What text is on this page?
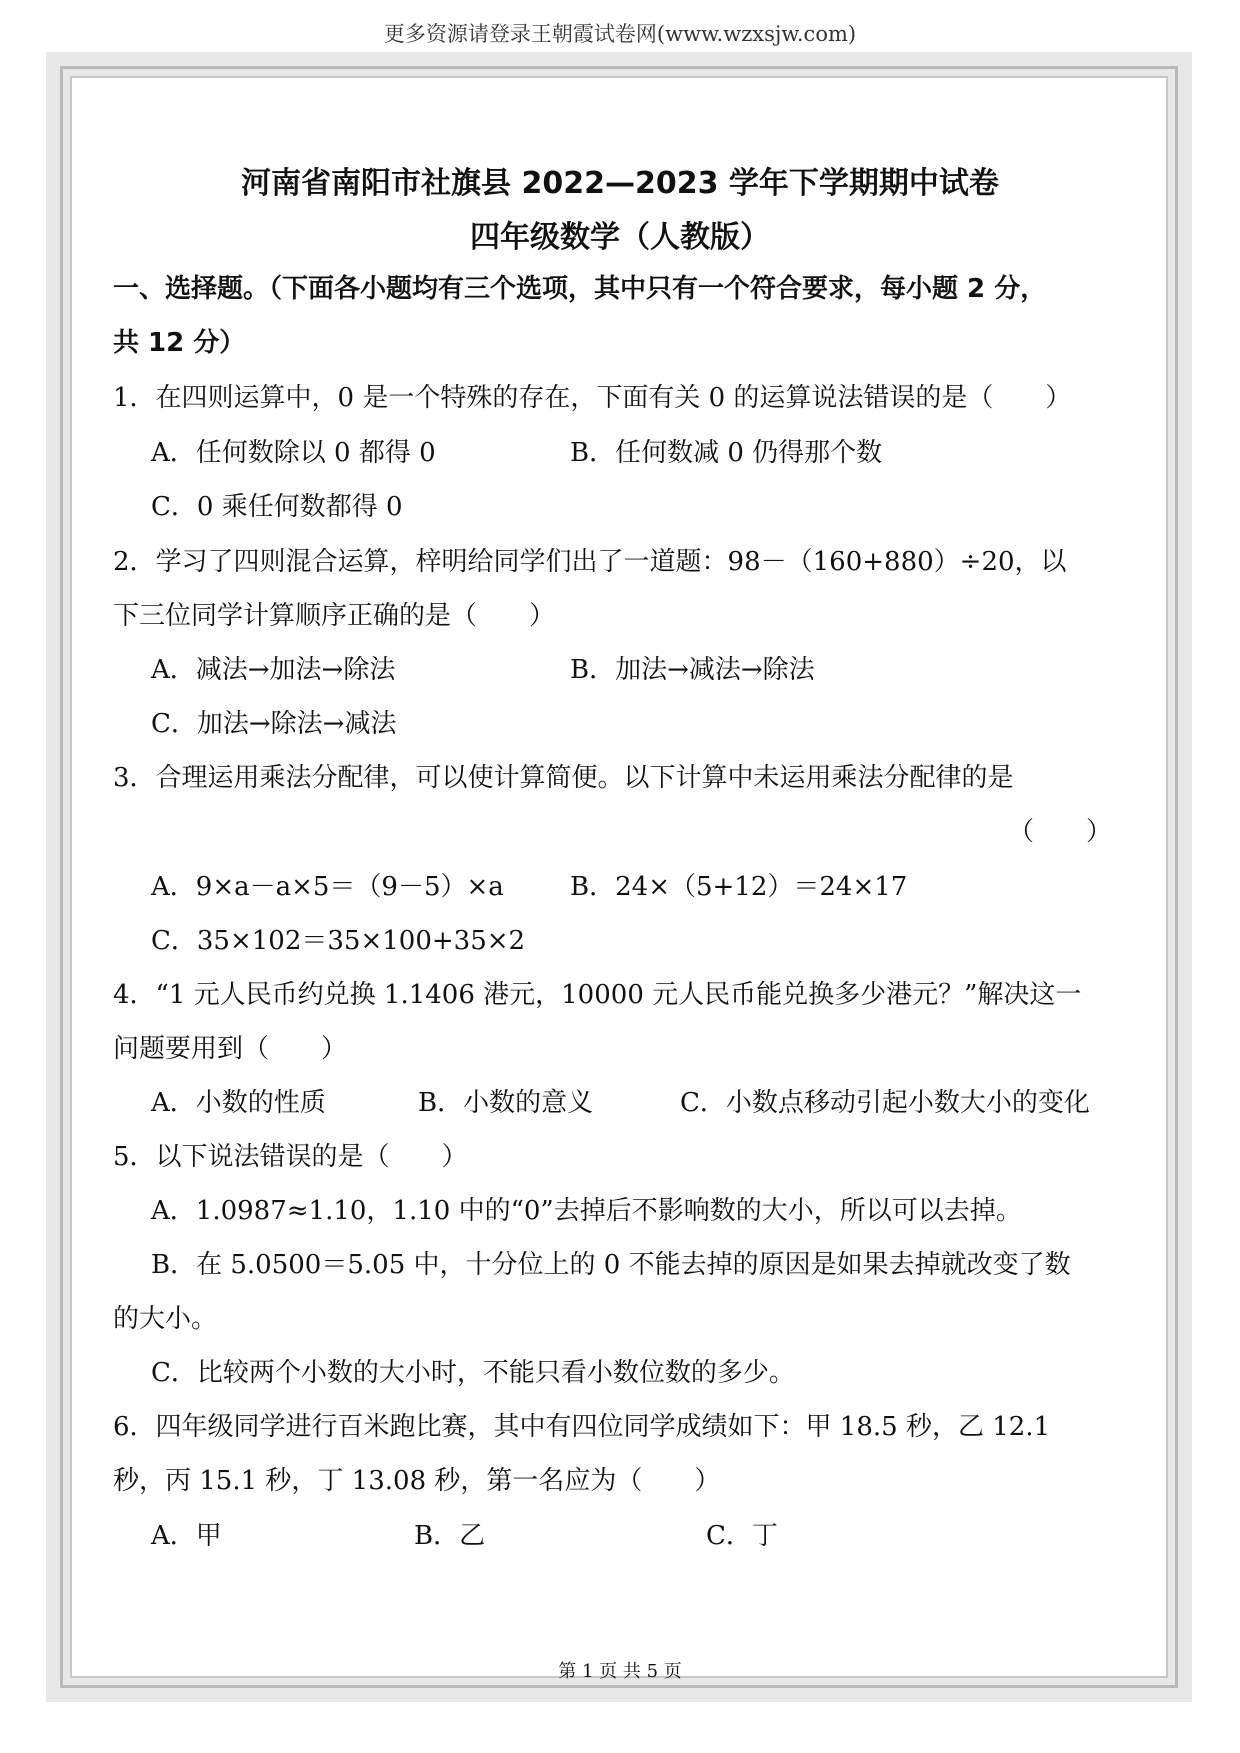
更多资源请登录王朝霞试卷网(www.wzxsjw.com)
河南省南阳市社旗县 2022—2023 学年下学期期中试卷
四年级数学（人教版）
一、选择题。（下面各小题均有三个选项，其中只有一个符合要求，每小题 2 分，
共 12 分）
1．在四则运算中，0 是一个特殊的存在，下面有关 0 的运算说法错误的是（　　）
A．任何数除以 0 都得 0	B．任何数减 0 仍得那个数
C．0 乘任何数都得 0
2．学习了四则混合运算，梓明给同学们出了一道题：98－（160+880）÷20，以
下三位同学计算顺序正确的是（　　）
A．减法→加法→除法	B．加法→减法→除法
C．加法→除法→减法
3．合理运用乘法分配律，可以使计算简便。以下计算中未运用乘法分配律的是
（　　）
A．9×a－a×5＝（9－5）×a	B．24×（5+12）＝24×17
C．35×102＝35×100+35×2
4．“1 元人民币约兑换 1.1406 港元，10000 元人民币能兑换多少港元？”解决这一
问题要用到（　　）
A．小数的性质	B．小数的意义	C．小数点移动引起小数大小的变化
5．以下说法错误的是（　　）
A．1.0987≈1.10，1.10 中的“0”去掉后不影响数的大小，所以可以去掉。
B．在 5.0500＝5.05 中，十分位上的 0 不能去掉的原因是如果去掉就改变了数
的大小。
C．比较两个小数的大小时，不能只看小数位数的多少。
6．四年级同学进行百米跑比赛，其中有四位同学成绩如下：甲 18.5 秒，乙 12.1
秒，丙 15.1 秒，丁 13.08 秒，第一名应为（　　）
A．甲	B．乙	C．丁
第 1 页 共 5 页
